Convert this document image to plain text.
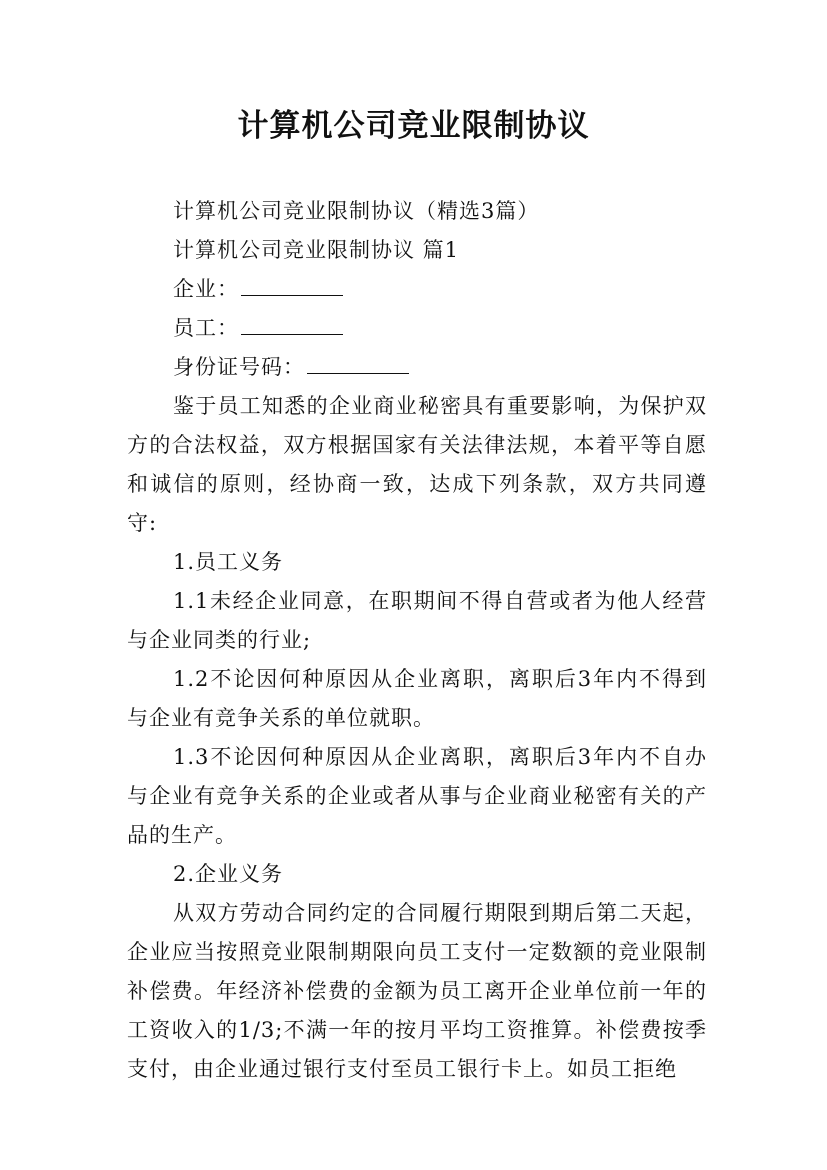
计算机公司竞业限制协议

计算机公司竞业限制协议（精选3篇）

计算机公司竞业限制协议 篇1

企业：

员工：

身份证号码：

鉴于员工知悉的企业商业秘密具有重要影响，为保护双方的合法权益，双方根据国家有关法律法规，本着平等自愿和诚信的原则，经协商一致，达成下列条款，双方共同遵守:

1.员工义务

1.1未经企业同意，在职期间不得自营或者为他人经营与企业同类的行业;

1.2不论因何种原因从企业离职，离职后3年内不得到与企业有竞争关系的单位就职。

1.3不论因何种原因从企业离职，离职后3年内不自办与企业有竞争关系的企业或者从事与企业商业秘密有关的产品的生产。

2.企业义务

从双方劳动合同约定的合同履行期限到期后第二天起，企业应当按照竞业限制期限向员工支付一定数额的竞业限制补偿费。年经济补偿费的金额为员工离开企业单位前一年的工资收入的1/3;不满一年的按月平均工资推算。补偿费按季支付，由企业通过银行支付至员工银行卡上。如员工拒绝
